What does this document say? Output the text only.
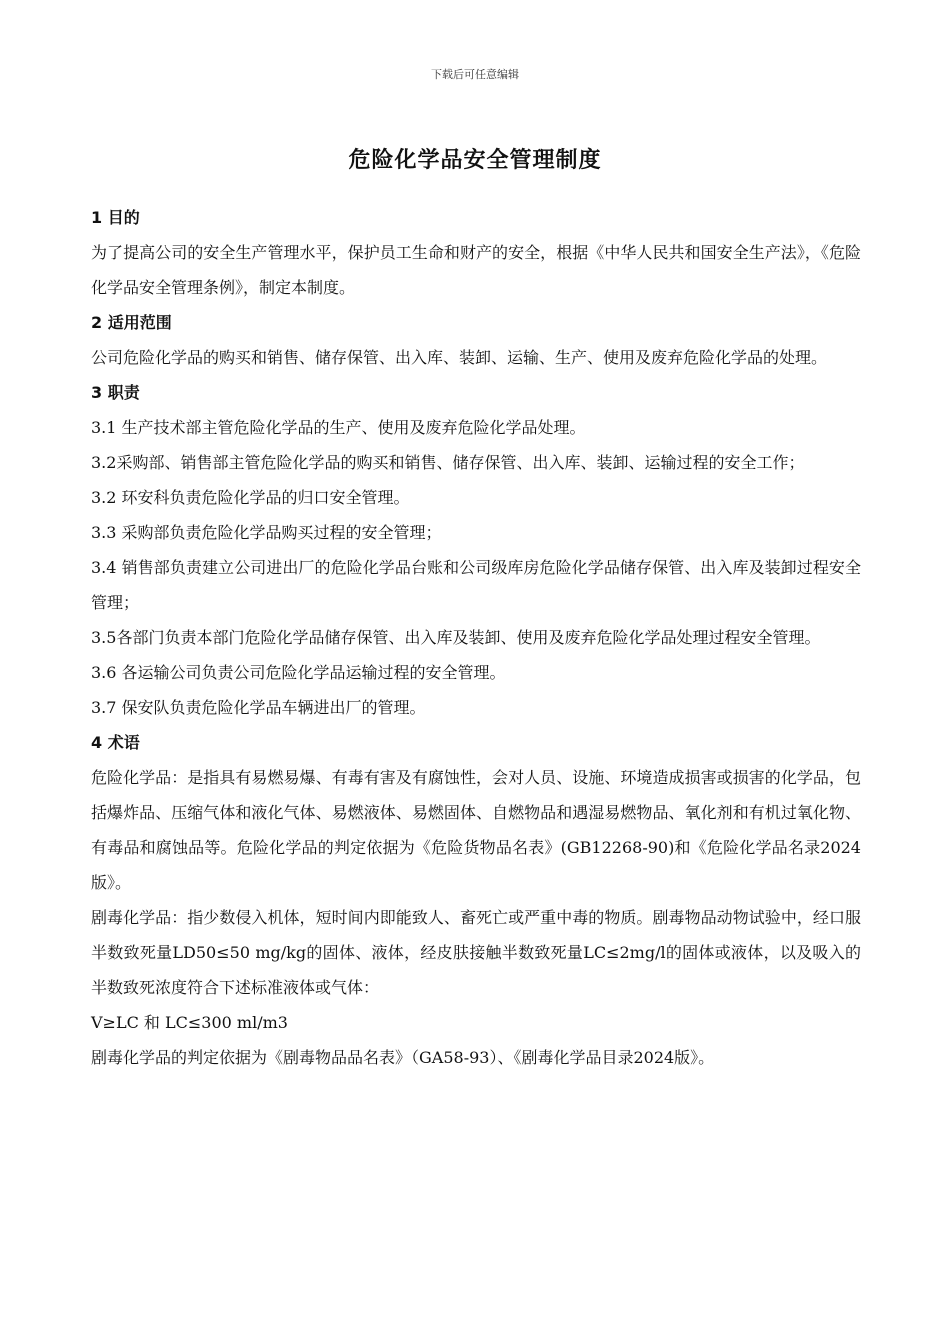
下载后可任意编辑
危险化学品安全管理制度
1 目的

为了提高公司的安全生产管理水平，保护员工生命和财产的安全，根据《中华人民共和国安全生产法》，《危险化学品安全管理条例》，制定本制度。

2 适用范围

公司危险化学品的购买和销售、储存保管、出入库、装卸、运输、生产、使用及废弃危险化学品的处理。

3 职责

3.1 生产技术部主管危险化学品的生产、使用及废弃危险化学品处理。

3.2采购部、销售部主管危险化学品的购买和销售、储存保管、出入库、装卸、运输过程的安全工作；

3.2 环安科负责危险化学品的归口安全管理。

3.3 采购部负责危险化学品购买过程的安全管理；

3.4 销售部负责建立公司进出厂的危险化学品台账和公司级库房危险化学品储存保管、出入库及装卸过程安全管理；

3.5各部门负责本部门危险化学品储存保管、出入库及装卸、使用及废弃危险化学品处理过程安全管理。

3.6 各运输公司负责公司危险化学品运输过程的安全管理。

3.7 保安队负责危险化学品车辆进出厂的管理。

4 术语

危险化学品：是指具有易燃易爆、有毒有害及有腐蚀性，会对人员、设施、环境造成损害或损害的化学品，包括爆炸品、压缩气体和液化气体、易燃液体、易燃固体、自燃物品和遇湿易燃物品、氧化剂和有机过氧化物、有毒品和腐蚀品等。危险化学品的判定依据为《危险货物品名表》(GB12268-90)和《危险化学品名录2024版》。

剧毒化学品：指少数侵入机体，短时间内即能致人、畜死亡或严重中毒的物质。剧毒物品动物试验中，经口服半数致死量LD50≤50 mg/kg的固体、液体，经皮肤接触半数致死量LC≤2mg/l的固体或液体，以及吸入的半数致死浓度符合下述标准液体或气体：

V≥LC 和 LC≤300 ml/m3

剧毒化学品的判定依据为《剧毒物品品名表》（GA58-93）、《剧毒化学品目录2024版》。
